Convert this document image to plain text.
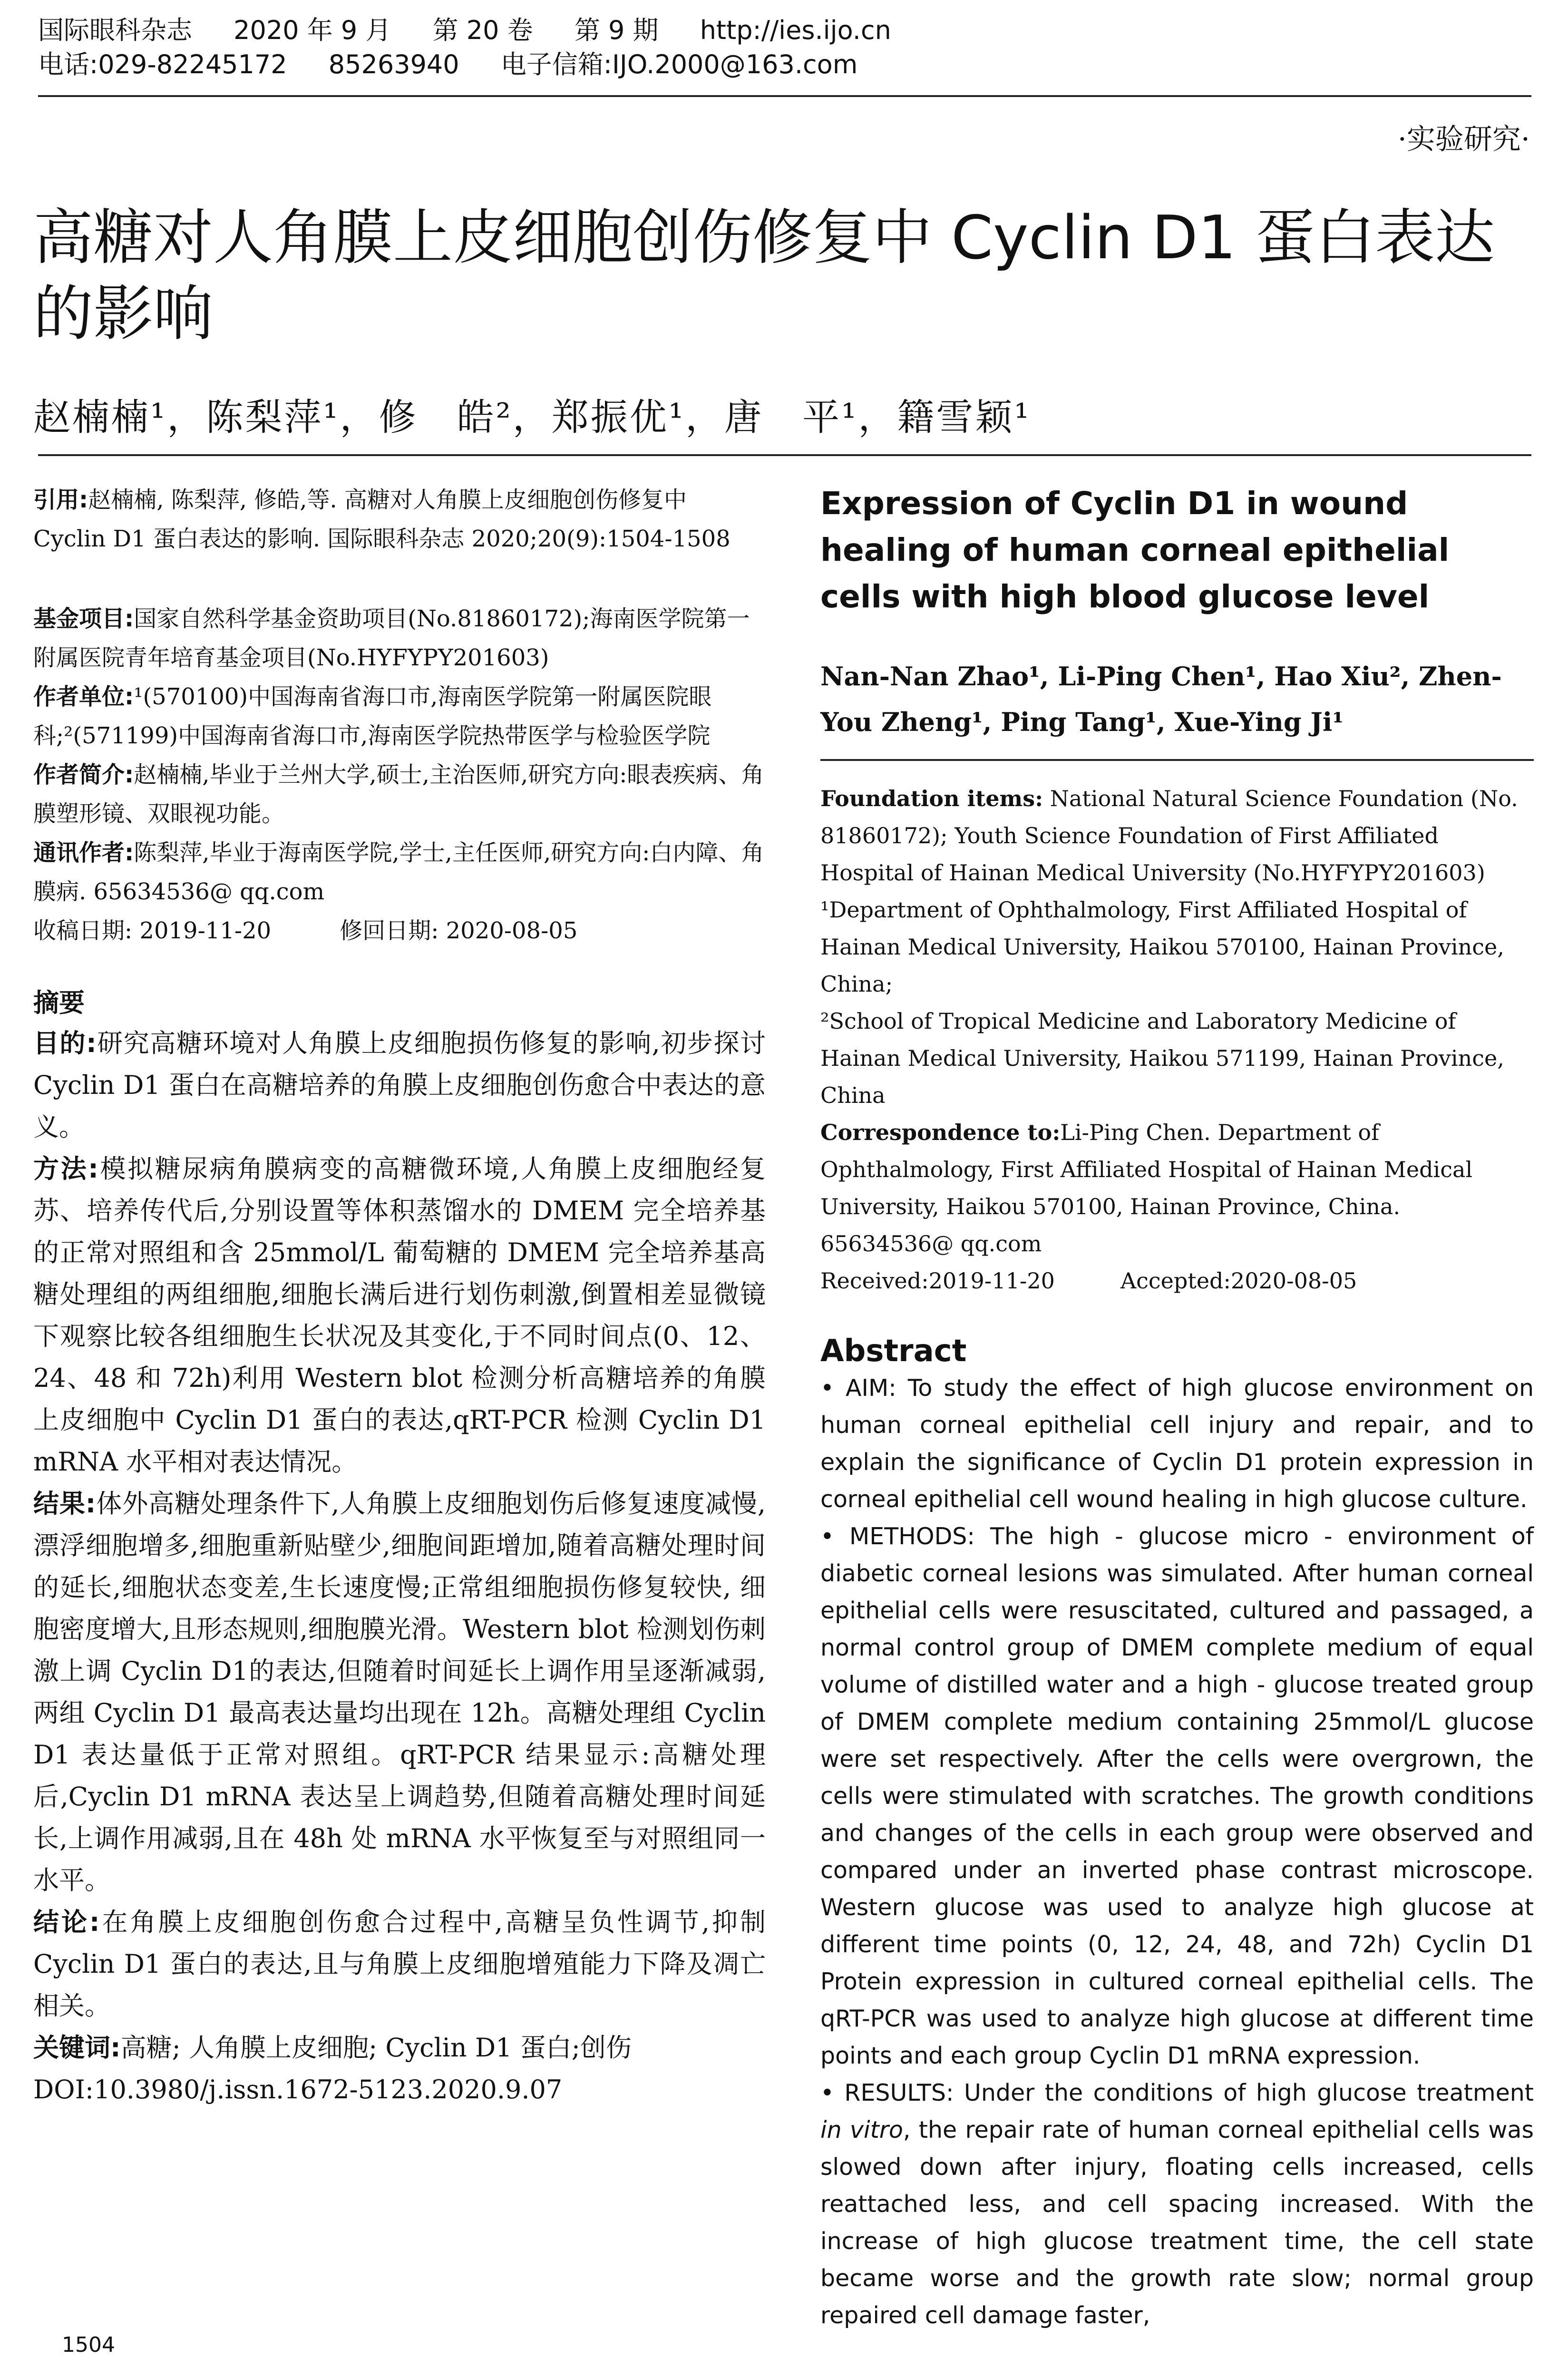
国际眼科杂志 2020 年 9 月 第 20 卷 第 9 期 http://ies.ijo.cn
电话:029-82245172 85263940 电子信箱:IJO.2000@163.com
·实验研究·
高糖对人角膜上皮细胞创伤修复中 Cyclin D1 蛋白表达的影响
赵楠楠¹，陈梨萍¹，修　皓²，郑振优¹，唐　平¹，籍雪颖¹

引用:赵楠楠, 陈梨萍, 修皓,等. 高糖对人角膜上皮细胞创伤修复中 Cyclin D1 蛋白表达的影响. 国际眼科杂志 2020;20(9):1504-1508

基金项目:国家自然科学基金资助项目(No.81860172);海南医学院第一附属医院青年培育基金项目(No.HYFYPY201603)

作者单位:¹(570100)中国海南省海口市,海南医学院第一附属医院眼科;²(571199)中国海南省海口市,海南医学院热带医学与检验医学院

作者简介:赵楠楠,毕业于兰州大学,硕士,主治医师,研究方向:眼表疾病、角膜塑形镜、双眼视功能。

通讯作者:陈梨萍,毕业于海南医学院,学士,主任医师,研究方向:白内障、角膜病. 65634536@ qq.com

收稿日期: 2019-11-20　　　	修回日期: 2020-08-05

摘要

目的:研究高糖环境对人角膜上皮细胞损伤修复的影响,初步探讨 Cyclin D1 蛋白在高糖培养的角膜上皮细胞创伤愈合中表达的意义。

方法:模拟糖尿病角膜病变的高糖微环境,人角膜上皮细胞经复苏、培养传代后,分别设置等体积蒸馏水的 DMEM 完全培养基的正常对照组和含 25mmol/L 葡萄糖的 DMEM 完全培养基高糖处理组的两组细胞,细胞长满后进行划伤刺激,倒置相差显微镜下观察比较各组细胞生长状况及其变化,于不同时间点(0、12、24、48 和 72h)利用 Western blot 检测分析高糖培养的角膜上皮细胞中 Cyclin D1 蛋白的表达,qRT-PCR 检测 Cyclin D1 mRNA 水平相对表达情况。

结果:体外高糖处理条件下,人角膜上皮细胞划伤后修复速度减慢,漂浮细胞增多,细胞重新贴壁少,细胞间距增加,随着高糖处理时间的延长,细胞状态变差,生长速度慢;正常组细胞损伤修复较快, 细胞密度增大,且形态规则,细胞膜光滑。Western blot 检测划伤刺激上调 Cyclin D1的表达,但随着时间延长上调作用呈逐渐减弱,两组 Cyclin D1 最高表达量均出现在 12h。高糖处理组 Cyclin D1 表达量低于正常对照组。qRT-PCR 结果显示:高糖处理后,Cyclin D1 mRNA 表达呈上调趋势,但随着高糖处理时间延长,上调作用减弱,且在 48h 处 mRNA 水平恢复至与对照组同一水平。

结论:在角膜上皮细胞创伤愈合过程中,高糖呈负性调节,抑制 Cyclin D1 蛋白的表达,且与角膜上皮细胞增殖能力下降及凋亡相关。

关键词:高糖; 人角膜上皮细胞; Cyclin D1 蛋白;创伤

DOI:10.3980/j.issn.1672-5123.2020.9.07

Expression of Cyclin D1 in wound healing of human corneal epithelial cells with high blood glucose level
Nan-Nan Zhao¹, Li-Ping Chen¹, Hao Xiu², Zhen-You Zheng¹, Ping Tang¹, Xue-Ying Ji¹

Foundation items: National Natural Science Foundation (No. 81860172); Youth Science Foundation of First Affiliated Hospital of Hainan Medical University (No.HYFYPY201603)

¹Department of Ophthalmology, First Affiliated Hospital of Hainan Medical University, Haikou 570100, Hainan Province, China;

²School of Tropical Medicine and Laboratory Medicine of Hainan Medical University, Haikou 571199, Hainan Province, China

Correspondence to:Li-Ping Chen. Department of Ophthalmology, First Affiliated Hospital of Hainan Medical University, Haikou 570100, Hainan Province, China. 65634536@ qq.com

Received:2019-11-20　　　	Accepted:2020-08-05

Abstract

• AIM: To study the effect of high glucose environment on human corneal epithelial cell injury and repair, and to explain the significance of Cyclin D1 protein expression in corneal epithelial cell wound healing in high glucose culture.

• METHODS: The high - glucose micro - environment of diabetic corneal lesions was simulated. After human corneal epithelial cells were resuscitated, cultured and passaged, a normal control group of DMEM complete medium of equal volume of distilled water and a high - glucose treated group of DMEM complete medium containing 25mmol/L glucose were set respectively. After the cells were overgrown, the cells were stimulated with scratches. The growth conditions and changes of the cells in each group were observed and compared under an inverted phase contrast microscope. Western glucose was used to analyze high glucose at different time points (0, 12, 24, 48, and 72h) Cyclin D1 Protein expression in cultured corneal epithelial cells. The qRT-PCR was used to analyze high glucose at different time points and each group Cyclin D1 mRNA expression.

• RESULTS: Under the conditions of high glucose treatment in vitro, the repair rate of human corneal epithelial cells was slowed down after injury, floating cells increased, cells reattached less, and cell spacing increased. With the increase of high glucose treatment time, the cell state became worse and the growth rate slow; normal group repaired cell damage faster,

1504
